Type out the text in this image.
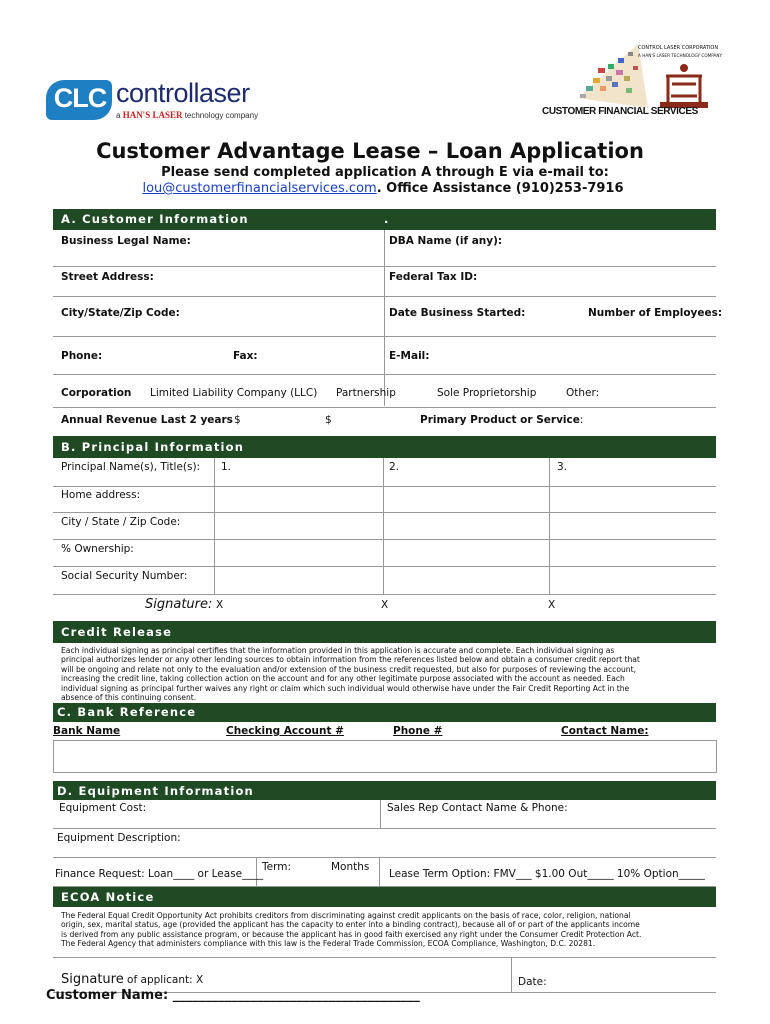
CLC controllaser
a HAN'S LASER technology company
CONTROL LASER CORPORATION
A HAN'S LASER TECHNOLOGY COMPANY
CUSTOMER FINANCIAL SERVICES
Customer Advantage Lease – Loan Application
Please send completed application A through E via e-mail to:
lou@customerfinancialservices.com. Office Assistance (910)253-7916
A. Customer Information	.
Business Legal Name:	DBA Name (if any):
Street Address:	Federal Tax ID:
City/State/Zip Code:	Date Business Started:	Number of Employees:
Phone:	Fax:	E-Mail:
Corporation Limited Liability Company (LLC) Partnership	Sole Proprietorship	Other:
Annual Revenue Last 2 years $	$	Primary Product or Service:
B. Principal Information
Principal Name(s), Title(s): 1.	2.	3.
Home address:
City / State / Zip Code:
% Ownership:
Social Security Number:
Signature: X	X	X
Credit Release
Each individual signing as principal certifies that the information provided in this application is accurate and complete. Each individual signing as
principal authorizes lender or any other lending sources to obtain information from the references listed below and obtain a consumer credit report that
will be ongoing and relate not only to the evaluation and/or extension of the business credit requested, but also for purposes of reviewing the account,
increasing the credit line, taking collection action on the account and for any other legitimate purpose associated with the account as needed. Each
individual signing as principal further waives any right or claim which such individual would otherwise have under the Fair Credit Reporting Act in the
absence of this continuing consent.
C. Bank Reference
Bank Name	Checking Account #	Phone #	Contact Name:
D. Equipment Information
Equipment Cost:	Sales Rep Contact Name & Phone:
Equipment Description:
Finance Request: Loan____ or Lease____
Term:	Months
Lease Term Option: FMV___ $1.00 Out_____ 10% Option_____
ECOA Notice
The Federal Equal Credit Opportunity Act prohibits creditors from discriminating against credit applicants on the basis of race, color, religion, national
origin, sex, marital status, age (provided the applicant has the capacity to enter into a binding contract), because all of or part of the applicants income
is derived from any public assistance program, or because the applicant has in good faith exercised any right under the Consumer Credit Protection Act.
The Federal Agency that administers compliance with this law is the Federal Trade Commission, ECOA Compliance, Washington, D.C. 20281.
Signature of applicant: X	Date:
Customer Name: ______________________________________
